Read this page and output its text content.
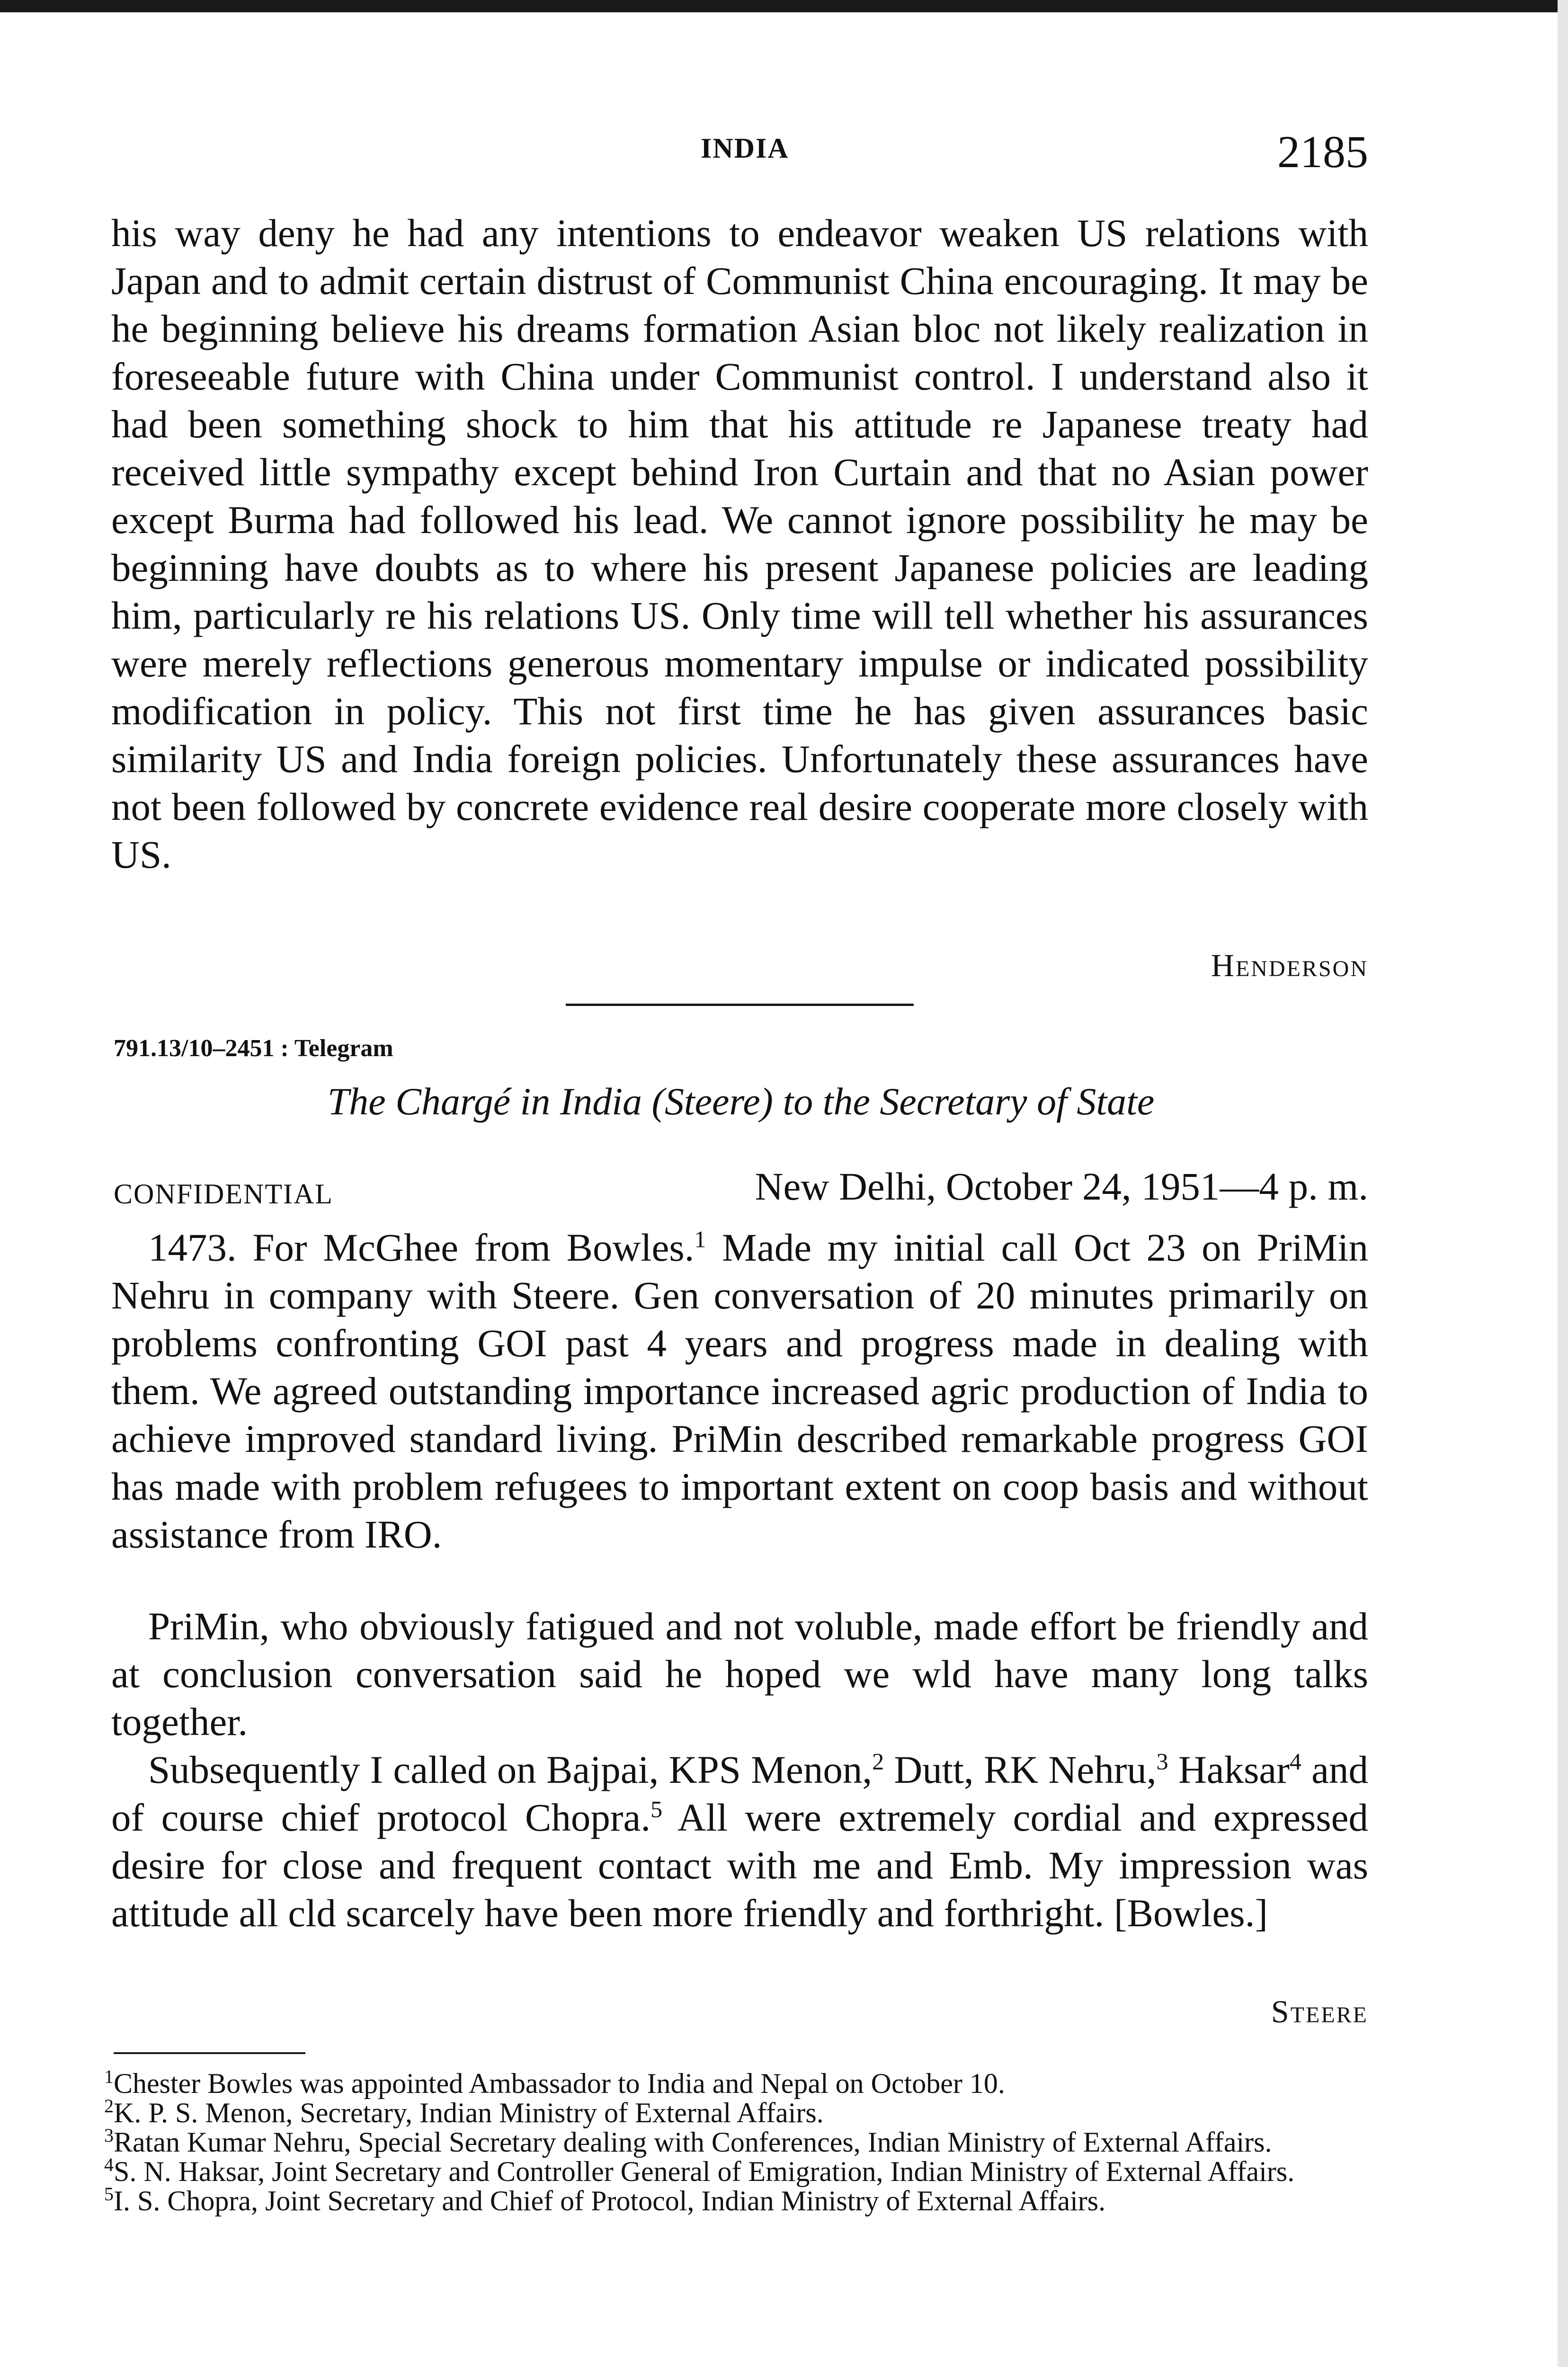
INDIA	2185

his way deny he had any intentions to endeavor weaken US relations with Japan and to admit certain distrust of Communist China encouraging. It may be he beginning believe his dreams formation Asian bloc not likely realization in foreseeable future with China under Communist control. I understand also it had been something shock to him that his attitude re Japanese treaty had received little sympathy except behind Iron Curtain and that no Asian power except Burma had followed his lead. We cannot ignore possibility he may be beginning have doubts as to where his present Japanese policies are leading him, particularly re his relations US. Only time will tell whether his assurances were merely reflections generous momentary impulse or indicated possibility modification in policy. This not first time he has given assurances basic similarity US and India foreign policies. Unfortunately these assurances have not been followed by concrete evidence real desire cooperate more closely with US.

Henderson
791.13/10–2451 : Telegram
The Chargé in India (Steere) to the Secretary of State
CONFIDENTIAL	New Delhi, October 24, 1951—4 p. m.

1473. For McGhee from Bowles.$^1$ Made my initial call Oct 23 on PriMin Nehru in company with Steere. Gen conversation of 20 minutes primarily on problems confronting GOI past 4 years and progress made in dealing with them. We agreed outstanding importance increased agric production of India to achieve improved standard living. PriMin described remarkable progress GOI has made with problem refugees to important extent on coop basis and without assistance from IRO.

PriMin, who obviously fatigued and not voluble, made effort be friendly and at conclusion conversation said he hoped we wld have many long talks together.

Subsequently I called on Bajpai, KPS Menon,$^2$ Dutt, RK Nehru,$^3$ Haksar$^4$ and of course chief protocol Chopra.$^5$ All were extremely cordial and expressed desire for close and frequent contact with me and Emb. My impression was attitude all cld scarcely have been more friendly and forthright. [Bowles.]

Steere

$^1$Chester Bowles was appointed Ambassador to India and Nepal on October 10.

$^2$K. P. S. Menon, Secretary, Indian Ministry of External Affairs.

$^3$Ratan Kumar Nehru, Special Secretary dealing with Conferences, Indian Ministry of External Affairs.

$^4$S. N. Haksar, Joint Secretary and Controller General of Emigration, Indian Ministry of External Affairs.

$^5$I. S. Chopra, Joint Secretary and Chief of Protocol, Indian Ministry of External Affairs.
